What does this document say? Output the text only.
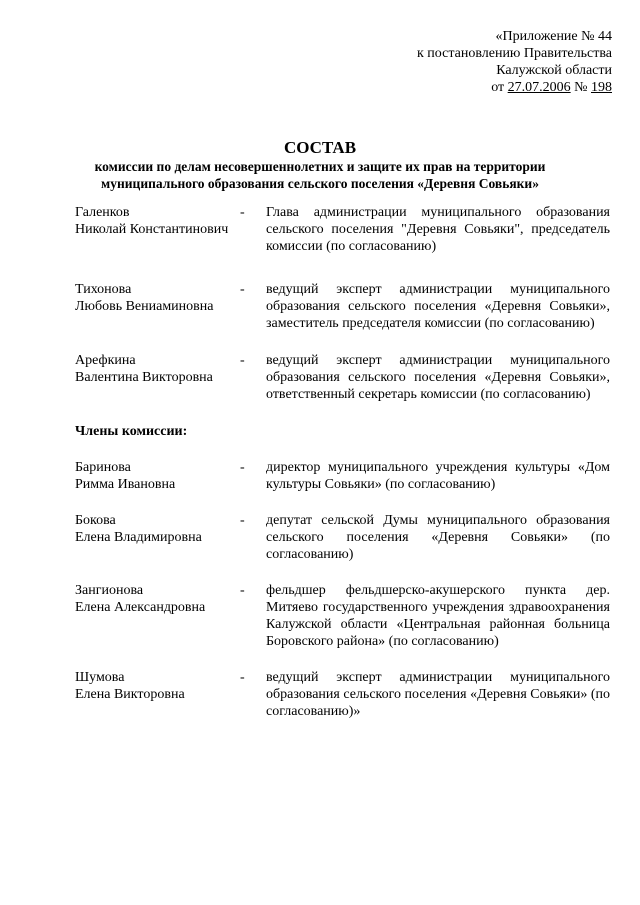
«Приложение № 44
к постановлению Правительства
Калужской области
от 27.07.2006 № 198
СОСТАВ
комиссии по делам несовершеннолетних и защите их прав на территории
муниципального образования сельского поселения «Деревня Совьяки»
Галенков
Николай Константинович
-	Глава администрации муниципального образования сельского поселения "Деревня Совьяки", председатель комиссии (по согласованию)
Тихонова
Любовь Вениаминовна
-	ведущий эксперт администрации муниципального образования сельского поселения «Деревня Совьяки», заместитель председателя комиссии (по согласованию)
Арефкина
Валентина Викторовна
-	ведущий эксперт администрации муниципального образования сельского поселения «Деревня Совьяки», ответственный секретарь комиссии (по согласованию)
Члены комиссии:
Баринова
Римма Ивановна
-	директор муниципального учреждения культуры «Дом культуры Совьяки» (по согласованию)
Бокова
Елена Владимировна
-	депутат сельской Думы муниципального образования сельского поселения «Деревня Совьяки» (по согласованию)
Зангионова
Елена Александровна
-	фельдшер фельдшерско-акушерского пункта дер. Митяево государственного учреждения здравоохранения Калужской области «Центральная районная больница Боровского района» (по согласованию)
Шумова
Елена Викторовна
-	ведущий эксперт администрации муниципального образования сельского поселения «Деревня Совьяки» (по согласованию)»
